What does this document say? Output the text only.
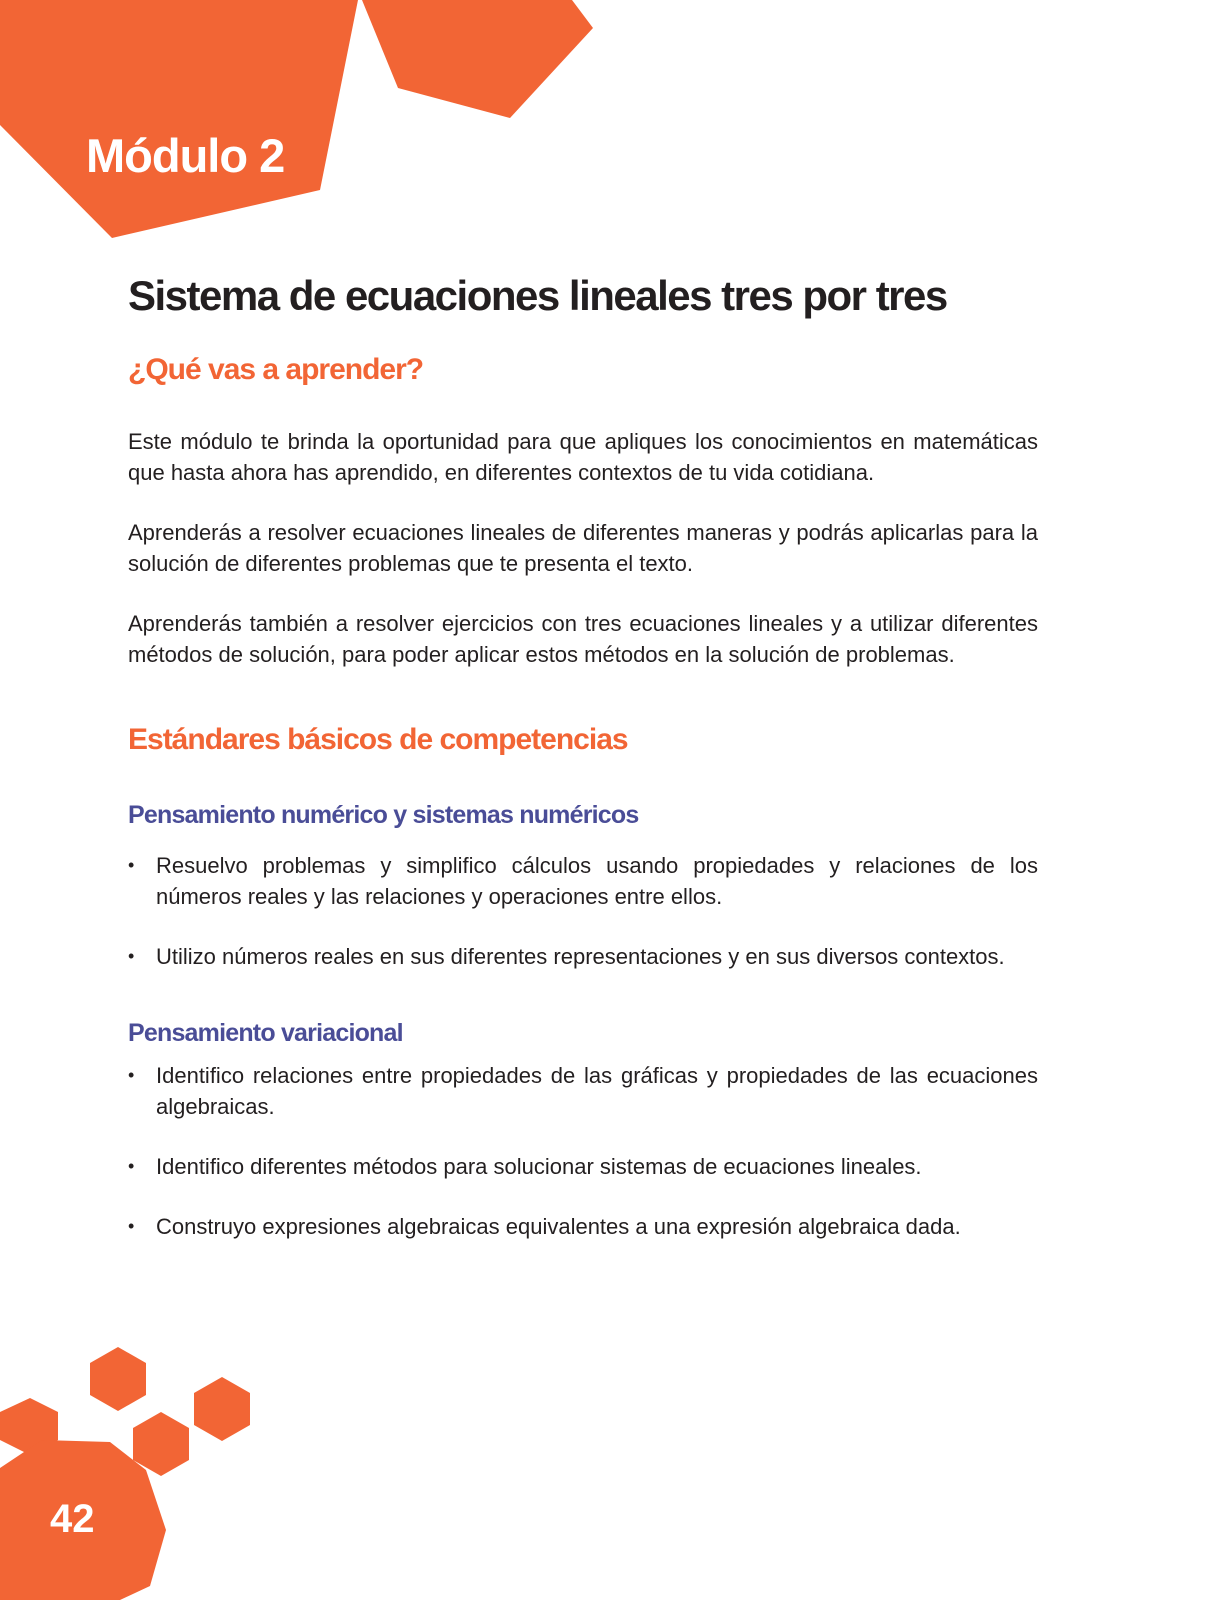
Módulo 2
42
Sistema de ecuaciones lineales tres por tres
¿Qué vas a aprender?

Este módulo te brinda la oportunidad para que apliques los conocimientos en matemáticas que hasta ahora has aprendido, en diferentes contextos de tu vida cotidiana.

Aprenderás a resolver ecuaciones lineales de diferentes maneras y podrás aplicarlas para la solución de diferentes problemas que te presenta el texto.

Aprenderás también a resolver ejercicios con tres ecuaciones lineales y a utilizar diferentes métodos de solución, para poder aplicar estos métodos en la solución de problemas.

Estándares básicos de competencias
Pensamiento numérico y sistemas numéricos
• Resuelvo problemas y simplifico cálculos usando propiedades y relaciones de los números reales y las relaciones y operaciones entre ellos.
• Utilizo números reales en sus diferentes representaciones y en sus diversos contextos.
Pensamiento variacional
• Identifico relaciones entre propiedades de las gráficas y propiedades de las ecuaciones algebraicas.
• Identifico diferentes métodos para solucionar sistemas de ecuaciones lineales.
• Construyo expresiones algebraicas equivalentes a una expresión algebraica dada.
